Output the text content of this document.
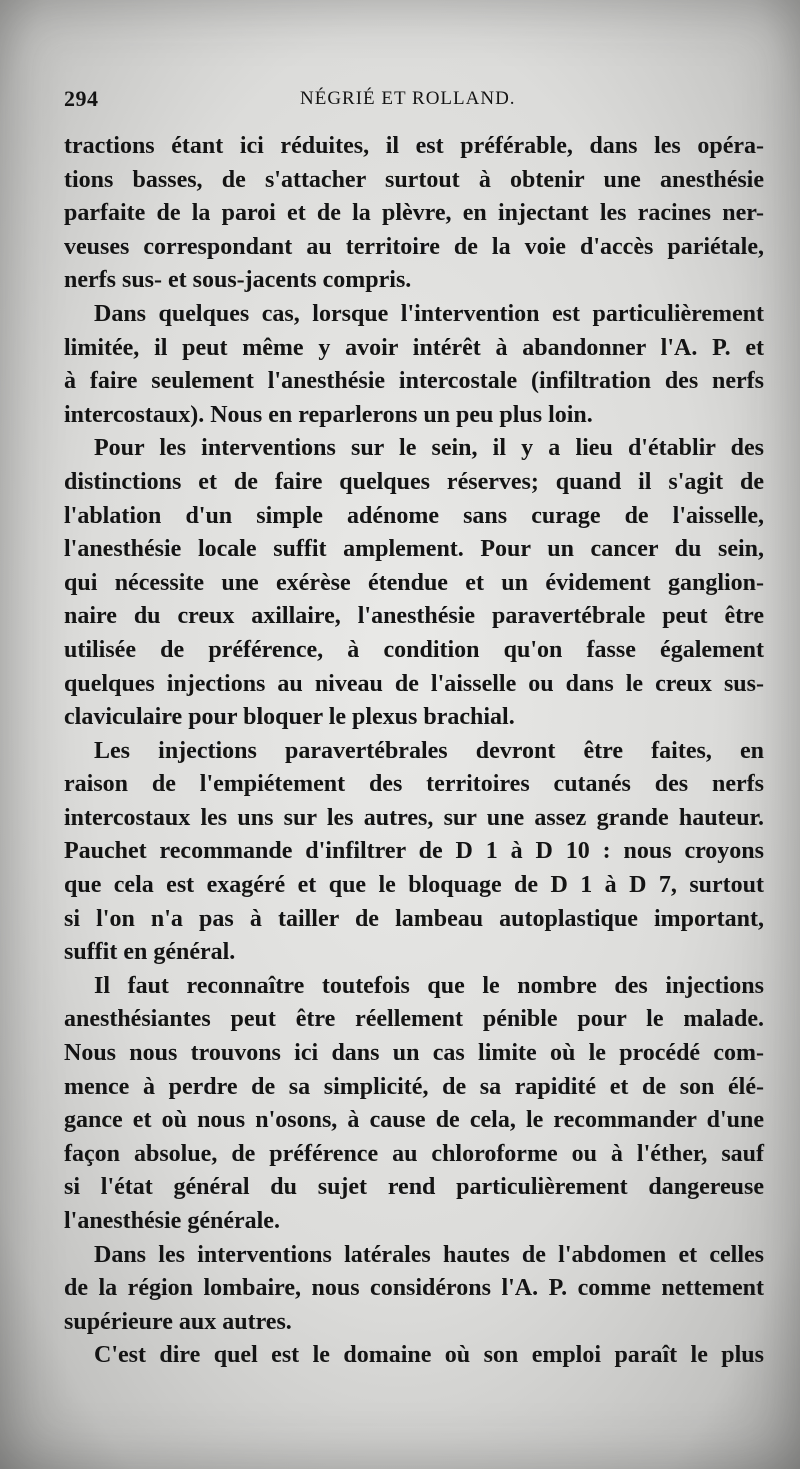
294	NÉGRIÉ ET ROLLAND.
tractions étant ici réduites, il est préférable, dans les opéra-
tions basses, de s'attacher surtout à obtenir une anesthésie
parfaite de la paroi et de la plèvre, en injectant les racines ner-
veuses correspondant au territoire de la voie d'accès pariétale,
nerfs sus- et sous-jacents compris.
Dans quelques cas, lorsque l'intervention est particulièrement
limitée, il peut même y avoir intérêt à abandonner l'A. P. et
à faire seulement l'anesthésie intercostale (infiltration des nerfs
intercostaux). Nous en reparlerons un peu plus loin.
Pour les interventions sur le sein, il y a lieu d'établir des
distinctions et de faire quelques réserves; quand il s'agit de
l'ablation d'un simple adénome sans curage de l'aisselle,
l'anesthésie locale suffit amplement. Pour un cancer du sein,
qui nécessite une exérèse étendue et un évidement ganglion-
naire du creux axillaire, l'anesthésie paravertébrale peut être
utilisée de préférence, à condition qu'on fasse également
quelques injections au niveau de l'aisselle ou dans le creux sus-
claviculaire pour bloquer le plexus brachial.
Les injections paravertébrales devront être faites, en
raison de l'empiétement des territoires cutanés des nerfs
intercostaux les uns sur les autres, sur une assez grande hauteur.
Pauchet recommande d'infiltrer de D 1 à D 10 : nous croyons
que cela est exagéré et que le bloquage de D 1 à D 7, surtout
si l'on n'a pas à tailler de lambeau autoplastique important,
suffit en général.
Il faut reconnaître toutefois que le nombre des injections
anesthésiantes peut être réellement pénible pour le malade.
Nous nous trouvons ici dans un cas limite où le procédé com-
mence à perdre de sa simplicité, de sa rapidité et de son élé-
gance et où nous n'osons, à cause de cela, le recommander d'une
façon absolue, de préférence au chloroforme ou à l'éther, sauf
si l'état général du sujet rend particulièrement dangereuse
l'anesthésie générale.
Dans les interventions latérales hautes de l'abdomen et celles
de la région lombaire, nous considérons l'A. P. comme nettement
supérieure aux autres.
C'est dire quel est le domaine où son emploi paraît le plus
